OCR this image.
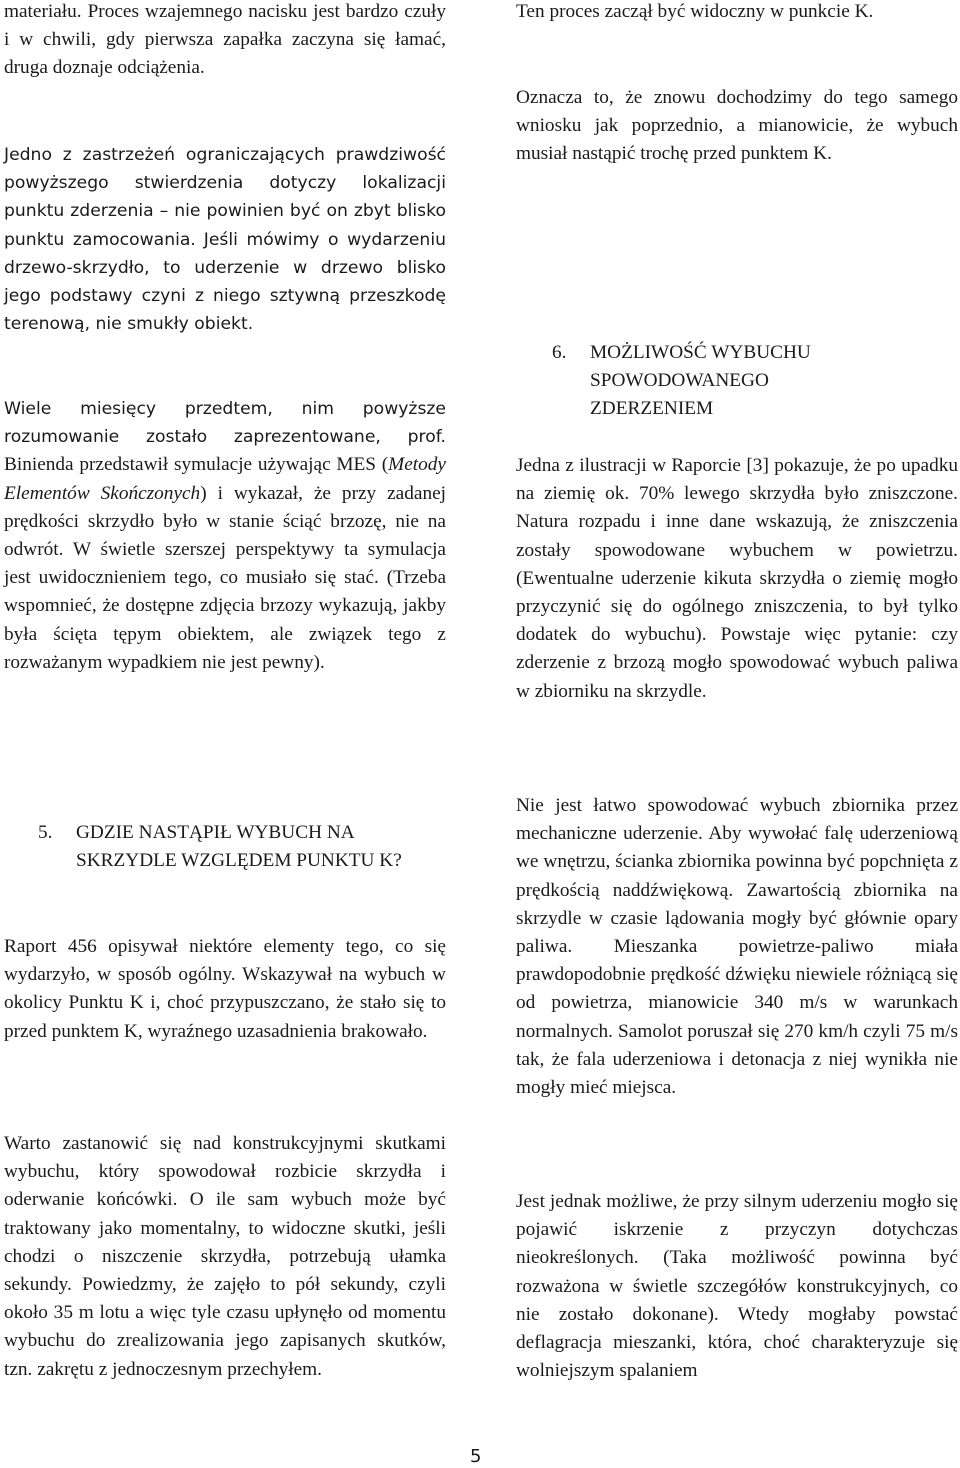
materiału. Proces wzajemnego nacisku jest bardzo czuły i w chwili, gdy pierwsza zapałka zaczyna się łamać, druga doznaje odciążenia.

Jedno z zastrzeżeń ograniczających prawdziwość powyższego stwierdzenia dotyczy lokalizacji punktu zderzenia – nie powinien być on zbyt blisko punktu zamocowania. Jeśli mówimy o wydarzeniu drzewo-skrzydło, to uderzenie w drzewo blisko jego podstawy czyni z niego sztywną przeszkodę terenową, nie smukły obiekt.

Wiele miesięcy przedtem, nim powyższe rozumowanie zostało zaprezentowane, prof. Binienda przedstawił symulacje używając MES (Metody Elementów Skończonych) i wykazał, że przy zadanej prędkości skrzydło było w stanie ściąć brzozę, nie na odwrót. W świetle szerszej perspektywy ta symulacja jest uwidocznieniem tego, co musiało się stać. (Trzeba wspomnieć, że dostępne zdjęcia brzozy wykazują, jakby była ścięta tępym obiektem, ale związek tego z rozważanym wypadkiem nie jest pewny).

5. GDZIE NASTĄPIŁ WYBUCH NA SKRZYDLE WZGLĘDEM PUNKTU K?

Raport 456 opisywał niektóre elementy tego, co się wydarzyło, w sposób ogólny. Wskazywał na wybuch w okolicy Punktu K i, choć przypuszczano, że stało się to przed punktem K, wyraźnego uzasadnienia brakowało.

Warto zastanowić się nad konstrukcyjnymi skutkami wybuchu, który spowodował rozbicie skrzydła i oderwanie końcówki. O ile sam wybuch może być traktowany jako momentalny, to widoczne skutki, jeśli chodzi o niszczenie skrzydła, potrzebują ułamka sekundy. Powiedzmy, że zajęło to pół sekundy, czyli około 35 m lotu a więc tyle czasu upłynęło od momentu wybuchu do zrealizowania jego zapisanych skutków, tzn. zakrętu z jednoczesnym przechyłem.

Ten proces zaczął być widoczny w punkcie K.

Oznacza to, że znowu dochodzimy do tego samego wniosku jak poprzednio, a mianowicie, że wybuch musiał nastąpić trochę przed punktem K.

6. MOŻLIWOŚĆ WYBUCHU SPOWODOWANEGO ZDERZENIEM

Jedna z ilustracji w Raporcie [3] pokazuje, że po upadku na ziemię ok. 70% lewego skrzydła było zniszczone. Natura rozpadu i inne dane wskazują, że zniszczenia zostały spowodowane wybuchem w powietrzu. (Ewentualne uderzenie kikuta skrzydła o ziemię mogło przyczynić się do ogólnego zniszczenia, to był tylko dodatek do wybuchu). Powstaje więc pytanie: czy zderzenie z brzozą mogło spowodować wybuch paliwa w zbiorniku na skrzydle.

Nie jest łatwo spowodować wybuch zbiornika przez mechaniczne uderzenie. Aby wywołać falę uderzeniową we wnętrzu, ścianka zbiornika powinna być popchnięta z prędkością naddźwiękową. Zawartością zbiornika na skrzydle w czasie lądowania mogły być głównie opary paliwa. Mieszanka powietrze-paliwo miała prawdopodobnie prędkość dźwięku niewiele różniącą się od powietrza, mianowicie 340 m/s w warunkach normalnych. Samolot poruszał się 270 km/h czyli 75 m/s tak, że fala uderzeniowa i detonacja z niej wynikła nie mogły mieć miejsca.

Jest jednak możliwe, że przy silnym uderzeniu mogło się pojawić iskrzenie z przyczyn dotychczas nieokreślonych. (Taka możliwość powinna być rozważona w świetle szczegółów konstrukcyjnych, co nie zostało dokonane). Wtedy mogłaby powstać deflagracja mieszanki, która, choć charakteryzuje się wolniejszym spalaniem

5
